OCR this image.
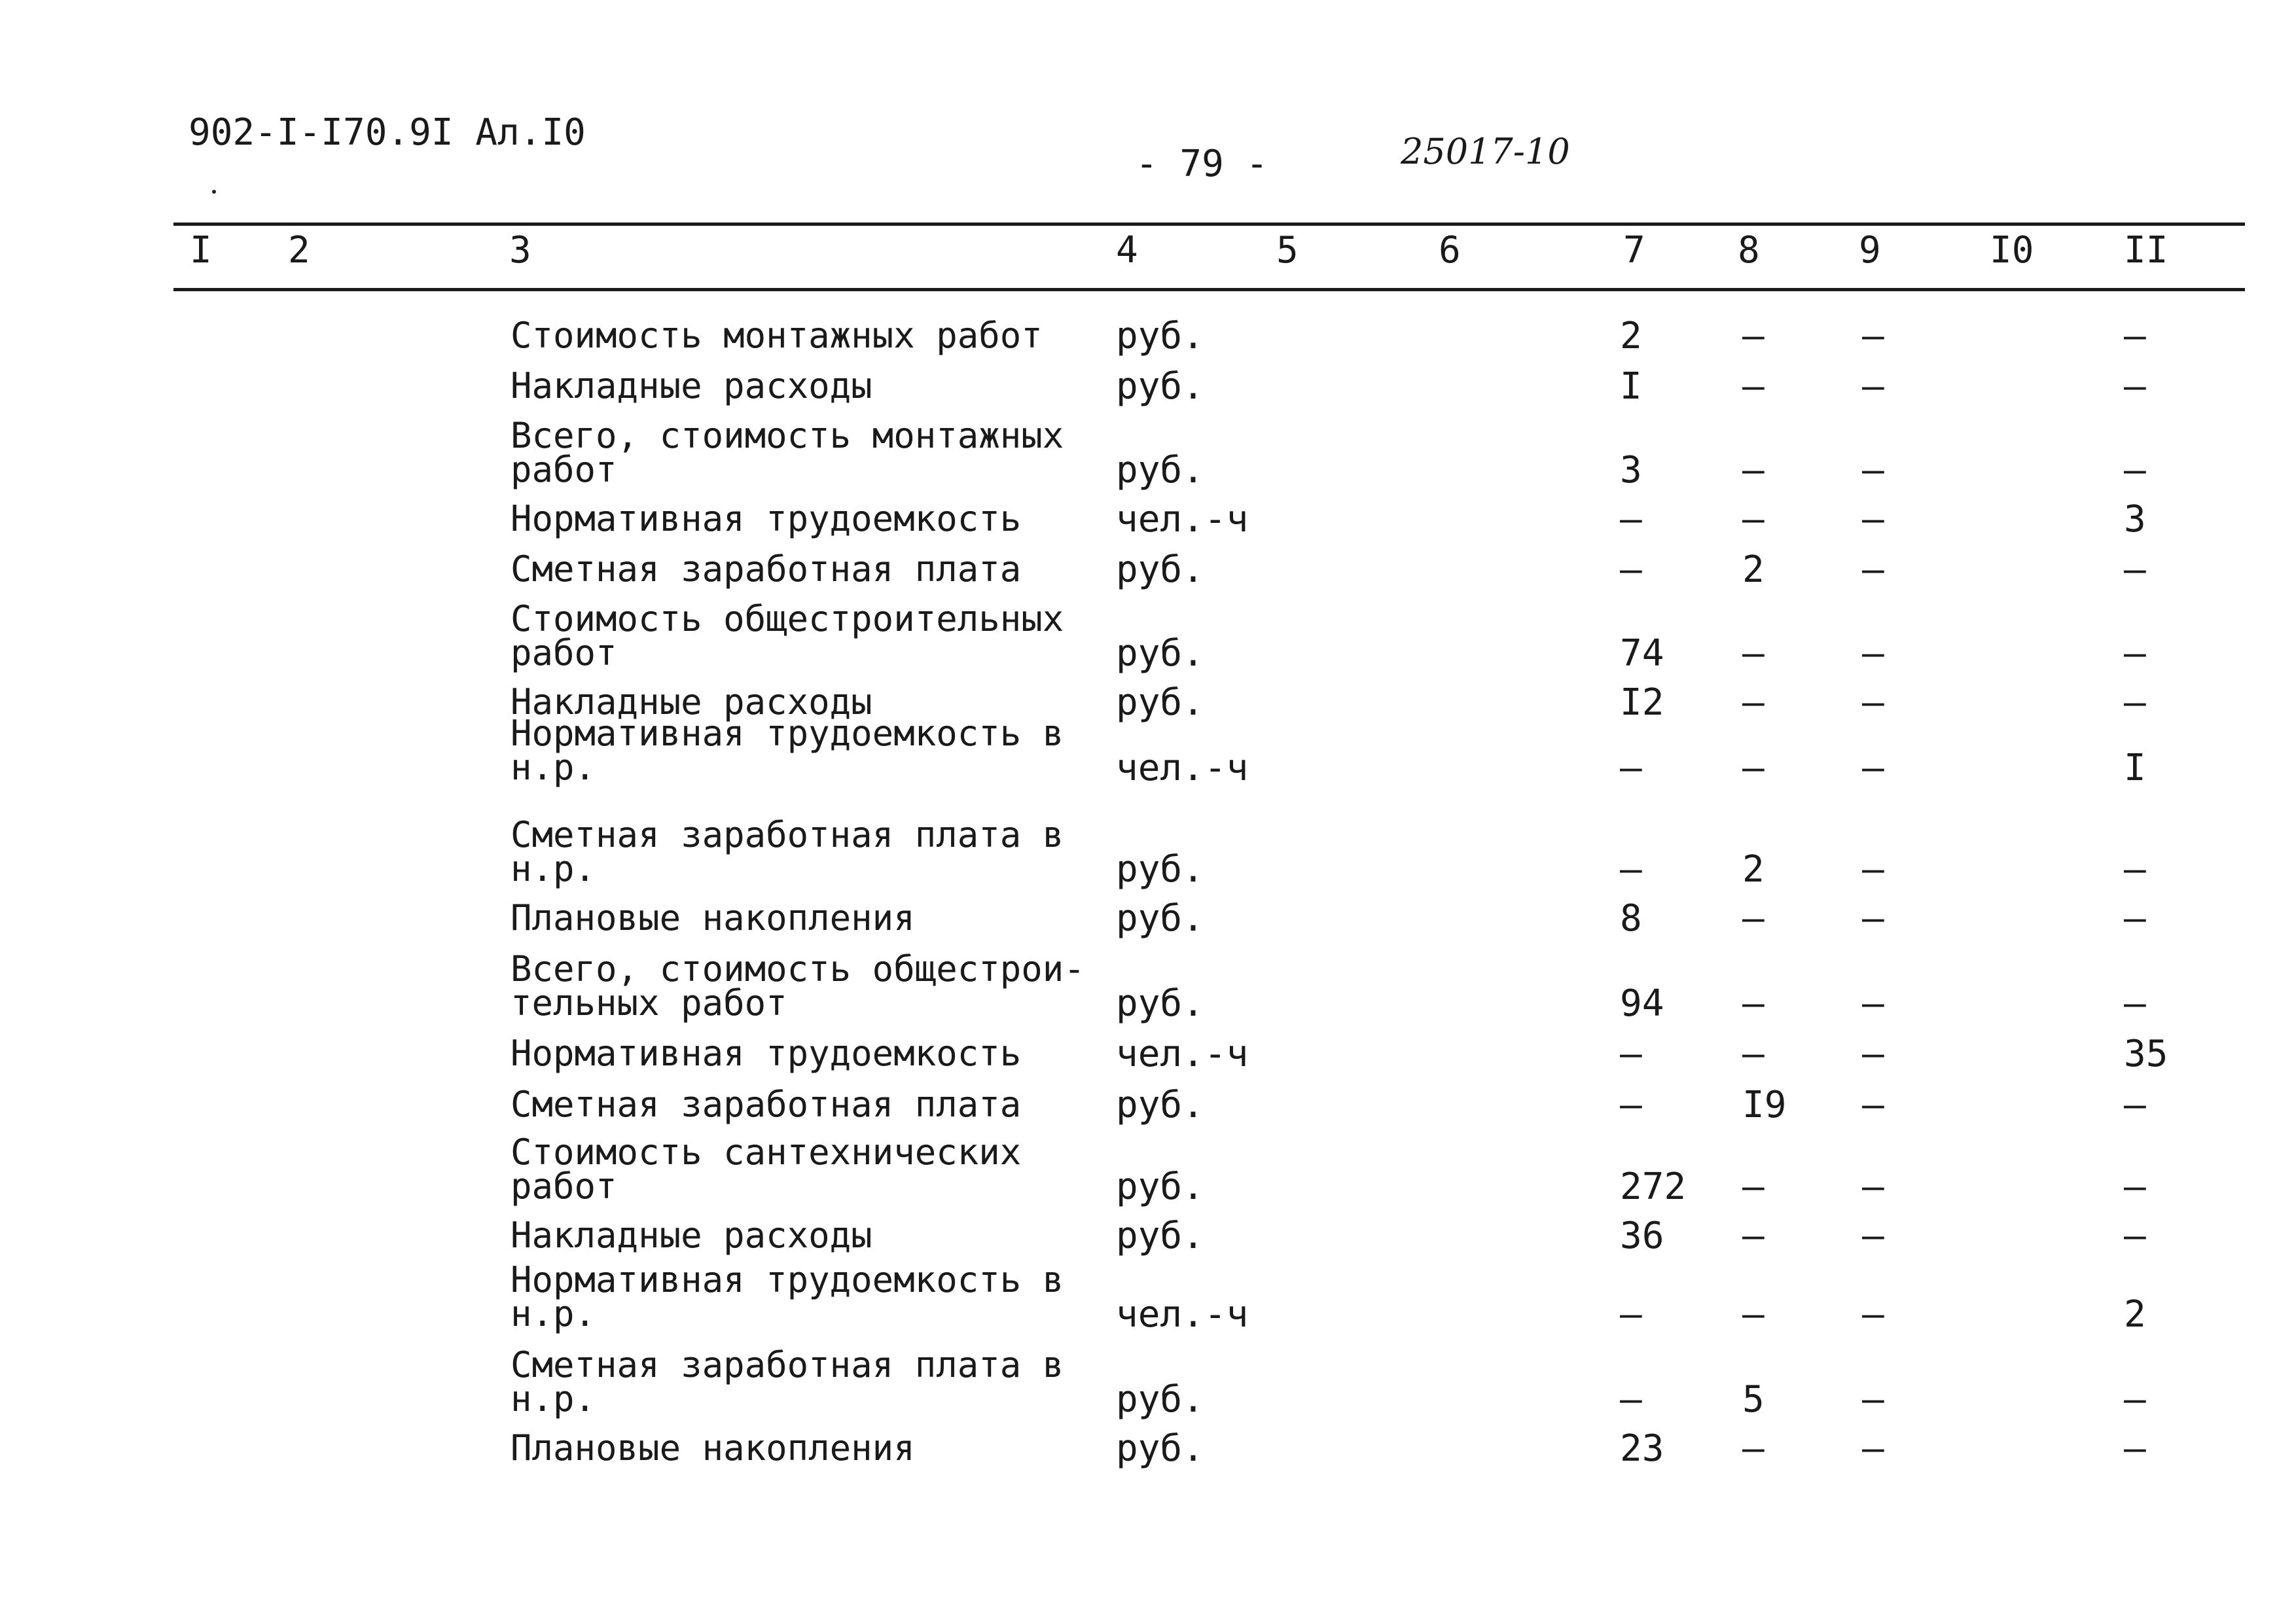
902-I-I70.9I Ал.I0
- 79 -	25017-10
I 2	3	4	5	6	7	8	9	I0 II
Стоимость монтажных работ руб.	2	–	–	–
Накладные расходы	руб.	I	–	–	–
Всего, стоимость монтажных
работ	руб.	3	–	–	–
Нормативная трудоемкость	чел.-ч	–	–	–	3
Сметная заработная плата	руб.	–	2	–	–
Стоимость общестроительных
работ	руб.	74 –	–	–
Накладные расходы	руб.	I2 –	–	–
Нормативная трудоемкость в
н.р.	чел.-ч	–	–	–	I
Сметная заработная плата в
н.р.	руб.	–	2	–	–
Плановые накопления	руб.	8	–	–	–
Всего, стоимость общестрои-
тельных работ	руб.	94 –	–	–
Нормативная трудоемкость	чел.-ч	–	–	–	35
Сметная заработная плата	руб.	–	I9 –	–
Стоимость сантехнических
работ	руб.	272 –	–	–
Накладные расходы	руб.	36 –	–	–
Нормативная трудоемкость в
н.р.	чел.-ч	–	–	–	2
Сметная заработная плата в
н.р.	руб.	–	5	–	–
Плановые накопления	руб.	23 –	–	–
